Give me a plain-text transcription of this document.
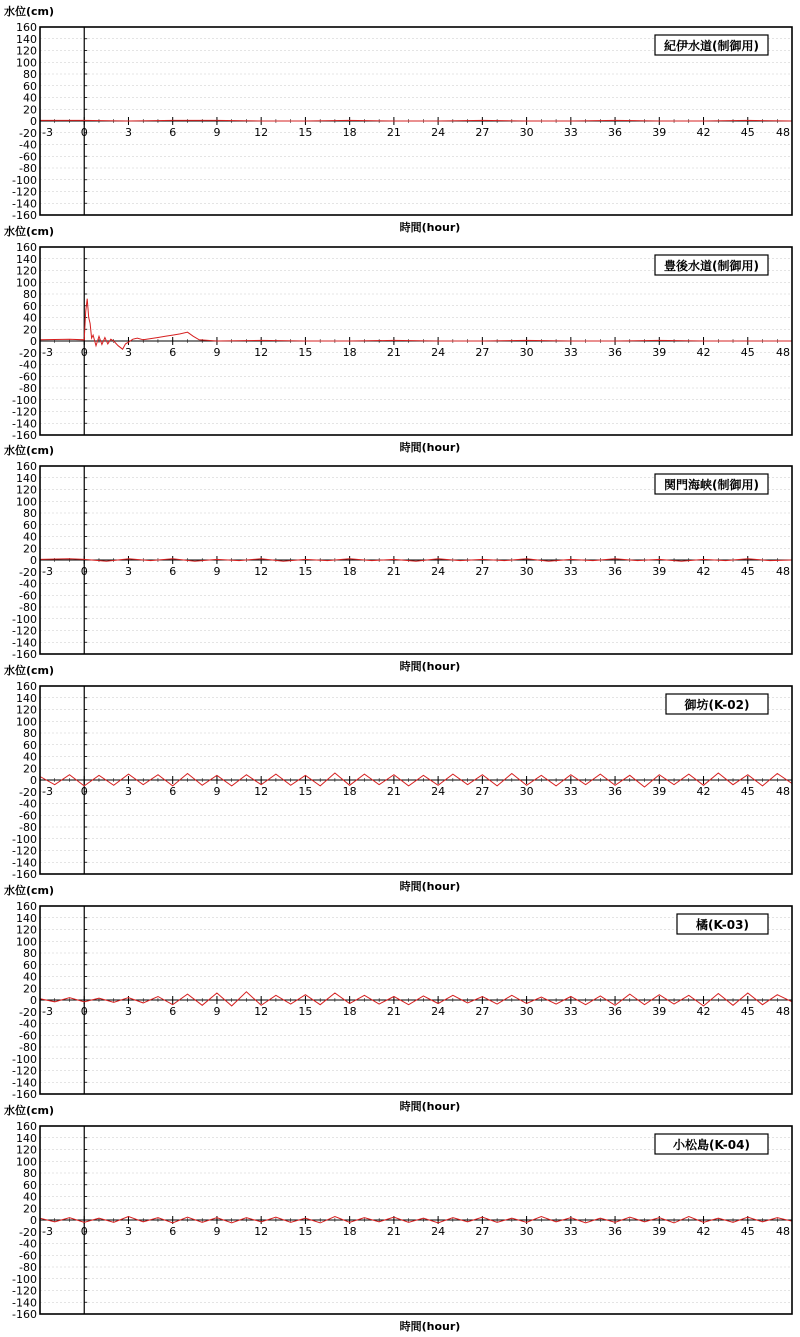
-160
-140
-120
-100
-80
-60
-40
-20
0
20
40
60
80
100
120
140
160
-3	0	3	6	9	12	15	18	21	24	27	30	33	36	39	42	45 48
紀伊水道(制御用)
水位(cm)
時間(hour)
-160
-140
-120
-100
-80
-60
-40
-20
0
20
40
60
80
100
120
140
160
-3	0	3	6	9	12	15	18	21	24	27	30	33	36	39	42	45 48
豊後水道(制御用)
水位(cm)
時間(hour)
-160
-140
-120
-100
-80
-60
-40
-20
0
20
40
60
80
100
120
140
160
-3	0	3	6	9	12	15	18	21	24	27	30	33	36	39	42	45 48
関門海峡(制御用)
水位(cm)
時間(hour)
-160
-140
-120
-100
-80
-60
-40
-20
0
20
40
60
80
100
120
140
160
-3	0	3	6	9	12	15	18	21	24	27	30	33	36	39	42	45 48
御坊(K-02)
水位(cm)
時間(hour)
-160
-140
-120
-100
-80
-60
-40
-20
0
20
40
60
80
100
120
140
160
-3	0	3	6	9	12	15	18	21	24	27	30	33	36	39	42	45 48
橘(K-03)
水位(cm)
時間(hour)
-160
-140
-120
-100
-80
-60
-40
-20
0
20
40
60
80
100
120
140
160
-3	0	3	6	9	12	15	18	21	24	27	30	33	36	39	42	45 48
小松島(K-04)
水位(cm)
時間(hour)
